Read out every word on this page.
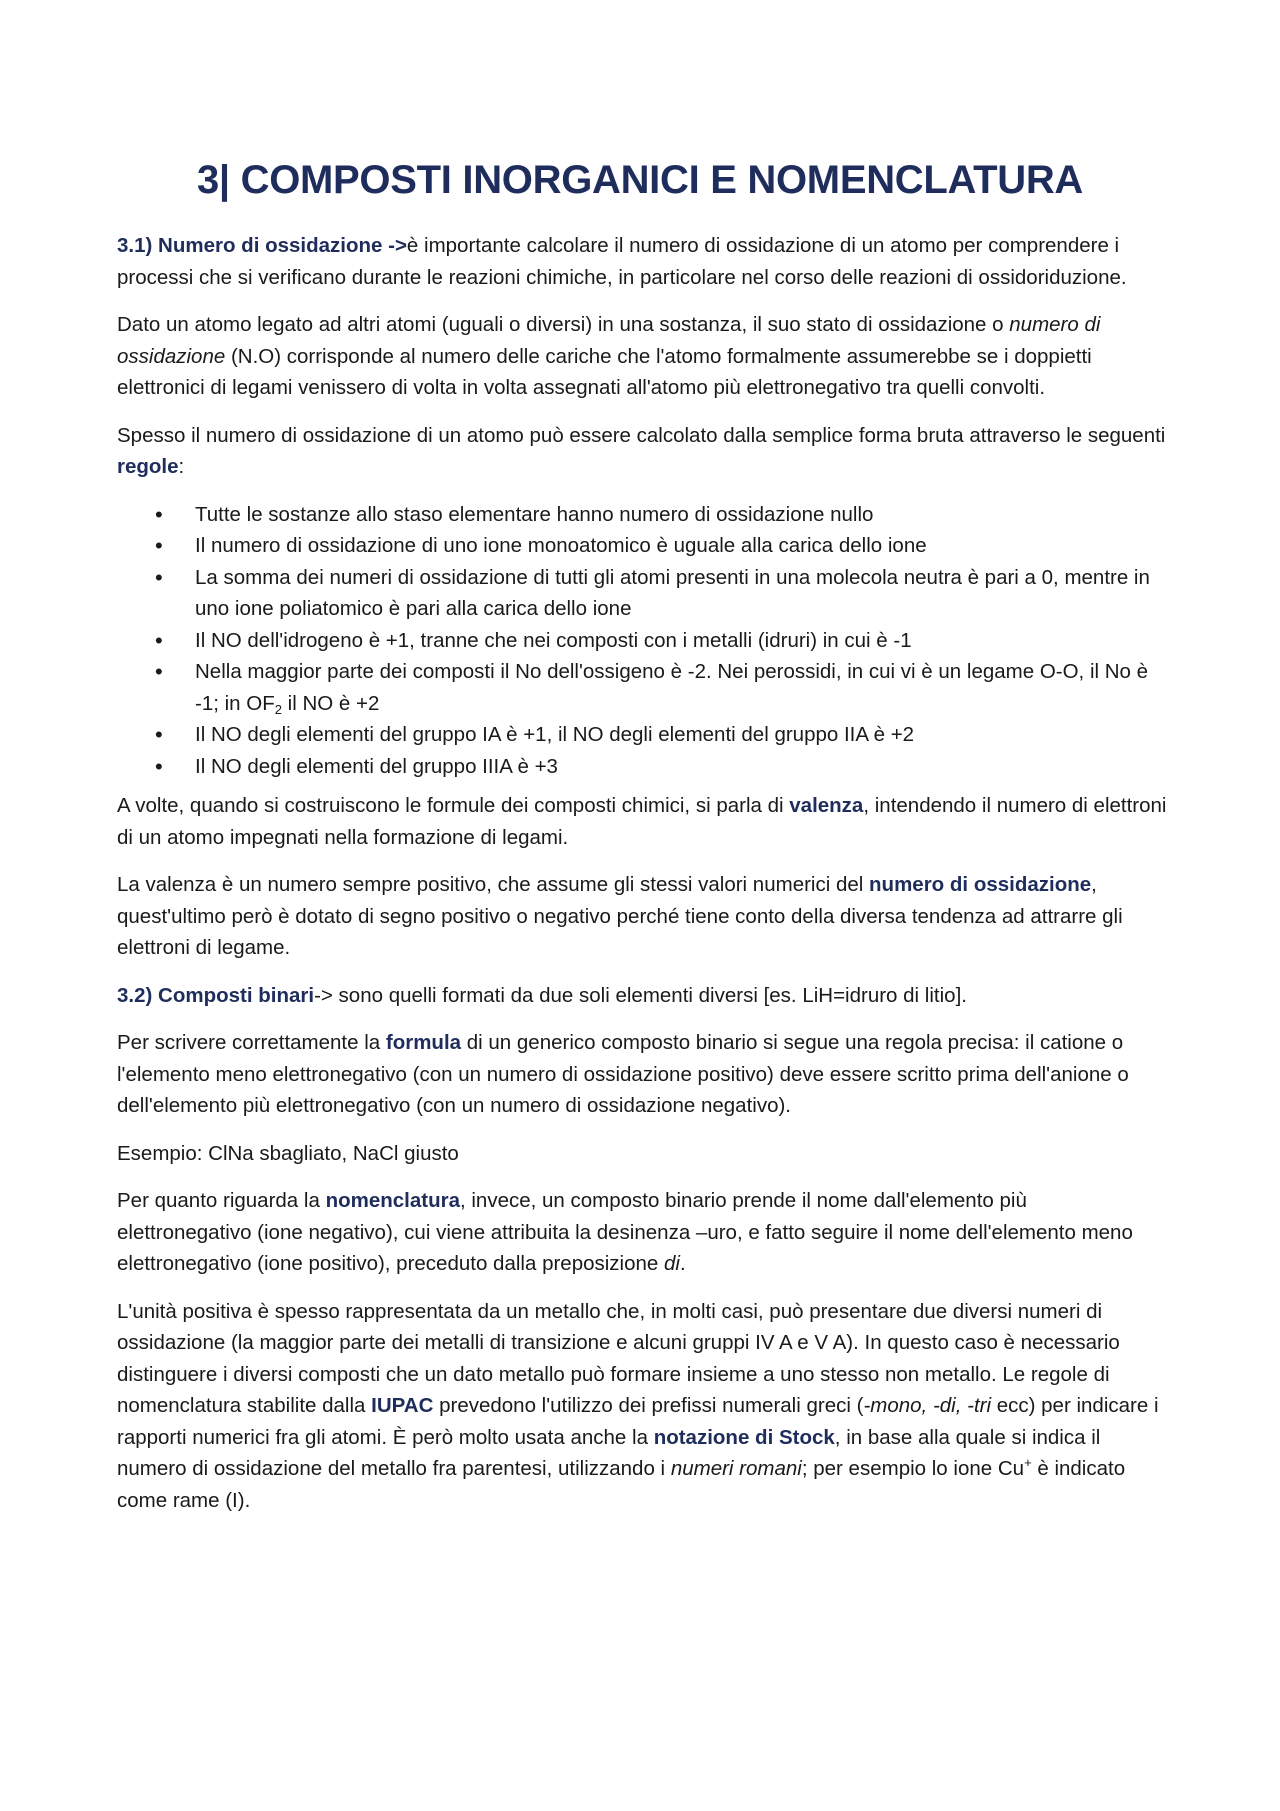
3| COMPOSTI INORGANICI E NOMENCLATURA

3.1) Numero di ossidazione ->è importante calcolare il numero di ossidazione di un atomo per comprendere i processi che si verificano durante le reazioni chimiche, in particolare nel corso delle reazioni di ossidoriduzione.

Dato un atomo legato ad altri atomi (uguali o diversi) in una sostanza, il suo stato di ossidazione o numero di ossidazione (N.O) corrisponde al numero delle cariche che l'atomo formalmente assumerebbe se i doppietti elettronici di legami venissero di volta in volta assegnati all'atomo più elettronegativo tra quelli convolti.

Spesso il numero di ossidazione di un atomo può essere calcolato dalla semplice forma bruta attraverso le seguenti regole:

• Tutte le sostanze allo staso elementare hanno numero di ossidazione nullo
• Il numero di ossidazione di uno ione monoatomico è uguale alla carica dello ione
• La somma dei numeri di ossidazione di tutti gli atomi presenti in una molecola neutra è pari a 0, mentre in uno ione poliatomico è pari alla carica dello ione
• Il NO dell'idrogeno è +1, tranne che nei composti con i metalli (idruri) in cui è -1
• Nella maggior parte dei composti il No dell'ossigeno è -2. Nei perossidi, in cui vi è un legame O-O, il No è -1; in $OF_2$ il NO è +2
• Il NO degli elementi del gruppo IA è +1, il NO degli elementi del gruppo IIA è +2
• Il NO degli elementi del gruppo IIIA è +3

A volte, quando si costruiscono le formule dei composti chimici, si parla di valenza, intendendo il numero di elettroni di un atomo impegnati nella formazione di legami.

La valenza è un numero sempre positivo, che assume gli stessi valori numerici del numero di ossidazione, quest'ultimo però è dotato di segno positivo o negativo perché tiene conto della diversa tendenza ad attrarre gli elettroni di legame.

3.2) Composti binari-> sono quelli formati da due soli elementi diversi [es. LiH=idruro di litio].

Per scrivere correttamente la formula di un generico composto binario si segue una regola precisa: il catione o l'elemento meno elettronegativo (con un numero di ossidazione positivo) deve essere scritto prima dell'anione o dell'elemento più elettronegativo (con un numero di ossidazione negativo).

Esempio: ClNa sbagliato, NaCl giusto

Per quanto riguarda la nomenclatura, invece, un composto binario prende il nome dall'elemento più elettronegativo (ione negativo), cui viene attribuita la desinenza –uro, e fatto seguire il nome dell'elemento meno elettronegativo (ione positivo), preceduto dalla preposizione di.

L'unità positiva è spesso rappresentata da un metallo che, in molti casi, può presentare due diversi numeri di ossidazione (la maggior parte dei metalli di transizione e alcuni gruppi IV A e V A). In questo caso è necessario distinguere i diversi composti che un dato metallo può formare insieme a uno stesso non metallo. Le regole di nomenclatura stabilite dalla IUPAC prevedono l'utilizzo dei prefissi numerali greci (-mono, -di, -tri ecc) per indicare i rapporti numerici fra gli atomi. È però molto usata anche la notazione di Stock, in base alla quale si indica il numero di ossidazione del metallo fra parentesi, utilizzando i numeri romani; per esempio lo ione Cu+ è indicato come rame (I).
